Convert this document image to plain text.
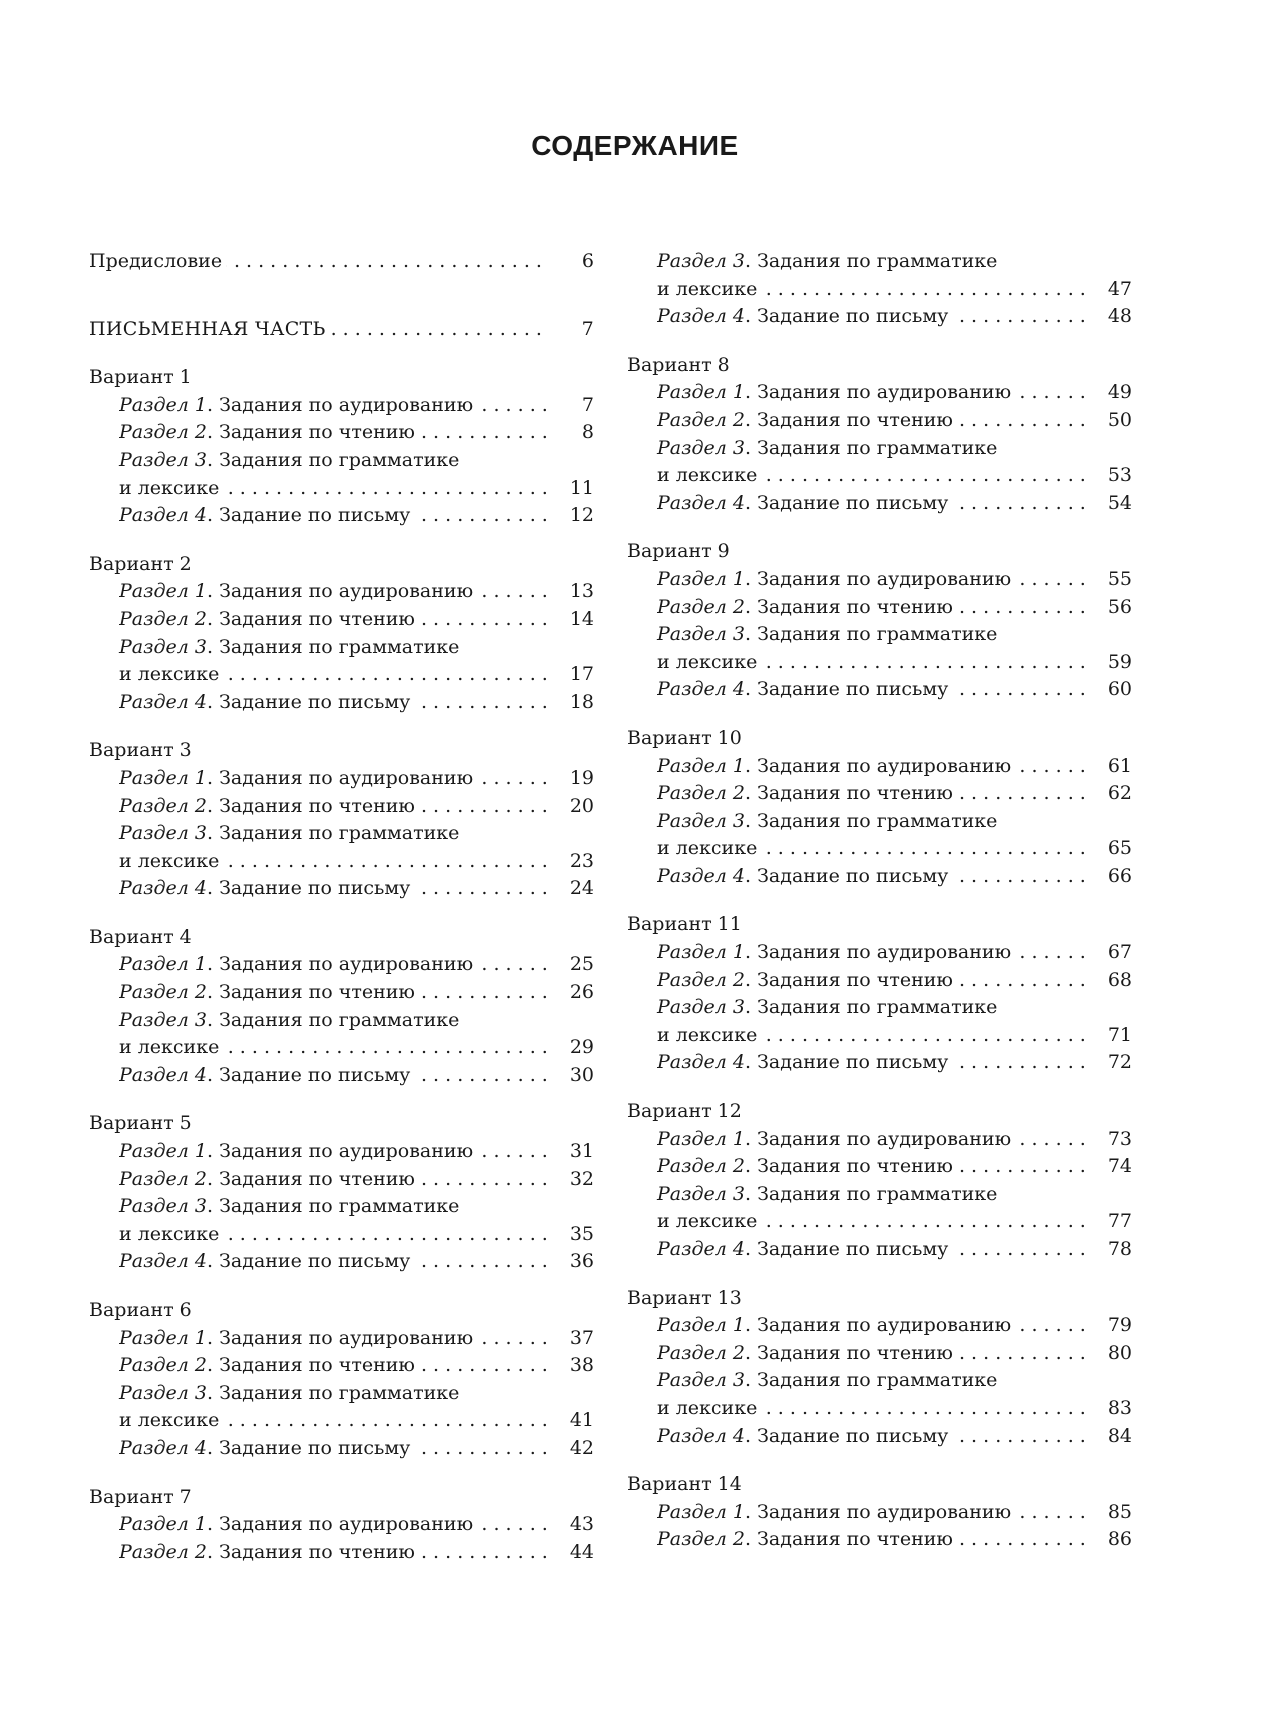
СОДЕРЖАНИЕ
Предисловие . . .	6
ПИСЬМЕННАЯ ЧАСТЬ . . .	7
Вариант 1
Раздел 1. Задания по аудированию . . .	7
Раздел 2. Задания по чтению . . .	8
Раздел 3. Задания по грамматике
и лексике . . .	11
Раздел 4. Задание по письму . . .	12
Вариант 2
Раздел 1. Задания по аудированию . . .	13
Раздел 2. Задания по чтению . . .	14
Раздел 3. Задания по грамматике
и лексике . . .	17
Раздел 4. Задание по письму . . .	18
Вариант 3
Раздел 1. Задания по аудированию . . .	19
Раздел 2. Задания по чтению . . .	20
Раздел 3. Задания по грамматике
и лексике . . .	23
Раздел 4. Задание по письму . . .	24
Вариант 4
Раздел 1. Задания по аудированию . . .	25
Раздел 2. Задания по чтению . . .	26
Раздел 3. Задания по грамматике
и лексике . . .	29
Раздел 4. Задание по письму . . .	30
Вариант 5
Раздел 1. Задания по аудированию . . .	31
Раздел 2. Задания по чтению . . .	32
Раздел 3. Задания по грамматике
и лексике . . .	35
Раздел 4. Задание по письму . . .	36
Вариант 6
Раздел 1. Задания по аудированию . . .	37
Раздел 2. Задания по чтению . . .	38
Раздел 3. Задания по грамматике
и лексике . . .	41
Раздел 4. Задание по письму . . .	42
Вариант 7
Раздел 1. Задания по аудированию . . .	43
Раздел 2. Задания по чтению . . .	44
Раздел 3. Задания по грамматике
и лексике . . .	47
Раздел 4. Задание по письму . . .	48
Вариант 8
Раздел 1. Задания по аудированию . . .	49
Раздел 2. Задания по чтению . . .	50
Раздел 3. Задания по грамматике
и лексике . . .	53
Раздел 4. Задание по письму . . .	54
Вариант 9
Раздел 1. Задания по аудированию . . .	55
Раздел 2. Задания по чтению . . .	56
Раздел 3. Задания по грамматике
и лексике . . .	59
Раздел 4. Задание по письму . . .	60
Вариант 10
Раздел 1. Задания по аудированию . . .	61
Раздел 2. Задания по чтению . . .	62
Раздел 3. Задания по грамматике
и лексике . . .	65
Раздел 4. Задание по письму . . .	66
Вариант 11
Раздел 1. Задания по аудированию . . .	67
Раздел 2. Задания по чтению . . .	68
Раздел 3. Задания по грамматике
и лексике . . .	71
Раздел 4. Задание по письму . . .	72
Вариант 12
Раздел 1. Задания по аудированию . . .	73
Раздел 2. Задания по чтению . . .	74
Раздел 3. Задания по грамматике
и лексике . . .	77
Раздел 4. Задание по письму . . .	78
Вариант 13
Раздел 1. Задания по аудированию . . .	79
Раздел 2. Задания по чтению . . .	80
Раздел 3. Задания по грамматике
и лексике . . .	83
Раздел 4. Задание по письму . . .	84
Вариант 14
Раздел 1. Задания по аудированию . . .	85
Раздел 2. Задания по чтению . . .	86
